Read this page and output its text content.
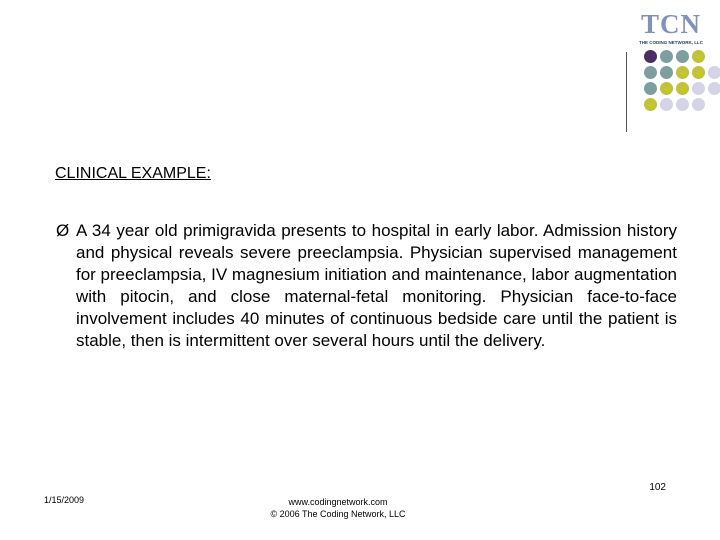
TCN
THE CODING NETWORK, LLC
CLINICAL EXAMPLE:
Ø A 34 year old primigravida presents to hospital in early labor. Admission history and physical reveals severe preeclampsia. Physician supervised management for preeclampsia, IV magnesium initiation and maintenance, labor augmentation with pitocin, and close maternal-fetal monitoring. Physician face-to-face involvement includes 40 minutes of continuous bedside care until the patient is stable, then is intermittent over several hours until the delivery.
102
1/15/2009	www.codingnetwork.com
© 2006 The Coding Network, LLC
